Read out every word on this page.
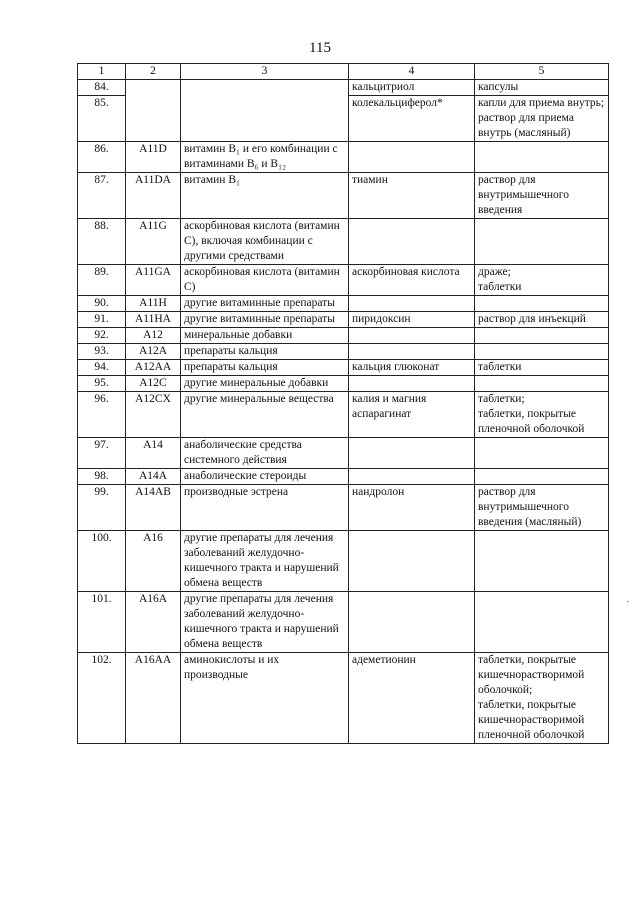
115
1	2	3	4	5
84.			кальцитриол	капсулы
85.			колекальциферол*	капли для приема внутрь;
раствор для приема внутрь (масляный)
86.	A11D	витамин B₁ и его комбинации с витаминами B₆ и B₁₂		
87.	A11DA	витамин B₁	тиамин	раствор для внутримышечного введения
88.	A11G	аскорбиновая кислота (витамин С), включая комбинации с другими средствами		
89.	A11GA	аскорбиновая кислота (витамин С)	аскорбиновая кислота	драже;
таблетки
90.	A11H	другие витаминные препараты		
91.	A11HA	другие витаминные препараты	пиридоксин	раствор для инъекций
92.	A12	минеральные добавки		
93.	A12A	препараты кальция		
94.	A12AA	препараты кальция	кальция глюконат	таблетки
95.	A12C	другие минеральные добавки		
96.	A12CX	другие минеральные вещества	калия и магния аспарагинат	таблетки;
таблетки, покрытые пленочной оболочкой
97.	A14	анаболические средства системного действия		
98.	A14A	анаболические стероиды		
99.	A14AB	производные эстрена	нандролон	раствор для внутримышечного введения (масляный)
100.	A16	другие препараты для лечения заболеваний желудочно-кишечного тракта и нарушений обмена веществ		
101.	A16A	другие препараты для лечения заболеваний желудочно-кишечного тракта и нарушений обмена веществ		
102.	A16AA	аминокислоты и их производные	адеметионин	таблетки, покрытые кишечнорастворимой оболочкой;
таблетки, покрытые кишечнорастворимой пленочной оболочкой
·
